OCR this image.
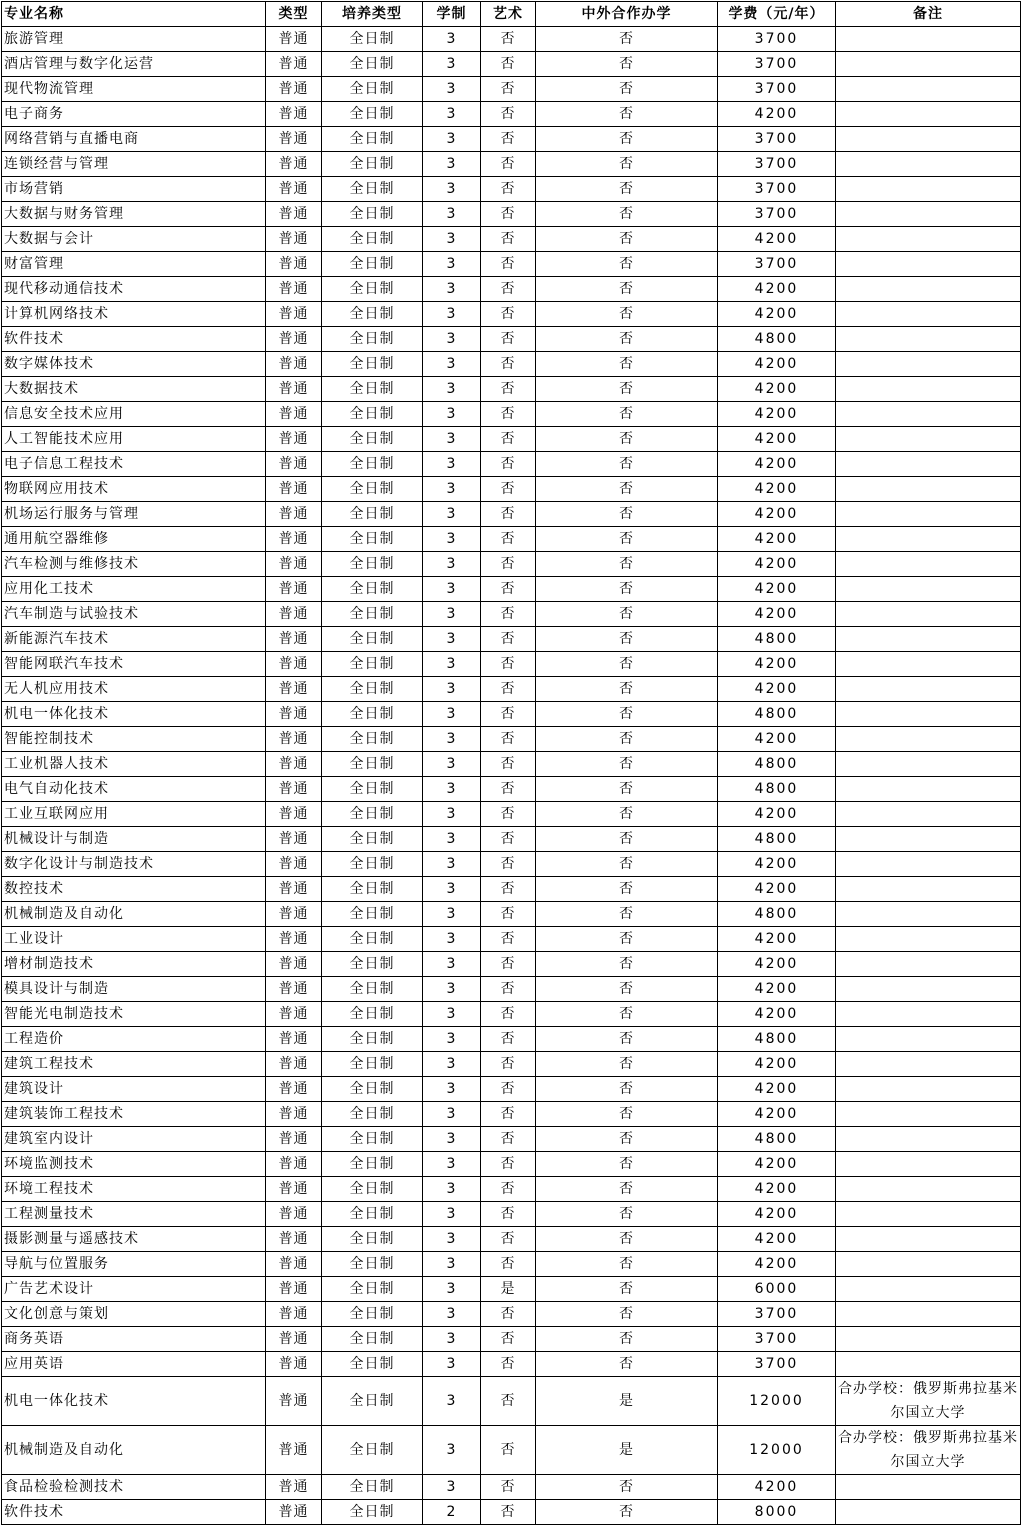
专业名称	类型	培养类型	学制	艺术	中外合作办学	学费（元/年）	备注
旅游管理	普通	全日制	3	否	否	3700	
酒店管理与数字化运营	普通	全日制	3	否	否	3700	
现代物流管理	普通	全日制	3	否	否	3700	
电子商务	普通	全日制	3	否	否	4200	
网络营销与直播电商	普通	全日制	3	否	否	3700	
连锁经营与管理	普通	全日制	3	否	否	3700	
市场营销	普通	全日制	3	否	否	3700	
大数据与财务管理	普通	全日制	3	否	否	3700	
大数据与会计	普通	全日制	3	否	否	4200	
财富管理	普通	全日制	3	否	否	3700	
现代移动通信技术	普通	全日制	3	否	否	4200	
计算机网络技术	普通	全日制	3	否	否	4200	
软件技术	普通	全日制	3	否	否	4800	
数字媒体技术	普通	全日制	3	否	否	4200	
大数据技术	普通	全日制	3	否	否	4200	
信息安全技术应用	普通	全日制	3	否	否	4200	
人工智能技术应用	普通	全日制	3	否	否	4200	
电子信息工程技术	普通	全日制	3	否	否	4200	
物联网应用技术	普通	全日制	3	否	否	4200	
机场运行服务与管理	普通	全日制	3	否	否	4200	
通用航空器维修	普通	全日制	3	否	否	4200	
汽车检测与维修技术	普通	全日制	3	否	否	4200	
应用化工技术	普通	全日制	3	否	否	4200	
汽车制造与试验技术	普通	全日制	3	否	否	4200	
新能源汽车技术	普通	全日制	3	否	否	4800	
智能网联汽车技术	普通	全日制	3	否	否	4200	
无人机应用技术	普通	全日制	3	否	否	4200	
机电一体化技术	普通	全日制	3	否	否	4800	
智能控制技术	普通	全日制	3	否	否	4200	
工业机器人技术	普通	全日制	3	否	否	4800	
电气自动化技术	普通	全日制	3	否	否	4800	
工业互联网应用	普通	全日制	3	否	否	4200	
机械设计与制造	普通	全日制	3	否	否	4800	
数字化设计与制造技术	普通	全日制	3	否	否	4200	
数控技术	普通	全日制	3	否	否	4200	
机械制造及自动化	普通	全日制	3	否	否	4800	
工业设计	普通	全日制	3	否	否	4200	
增材制造技术	普通	全日制	3	否	否	4200	
模具设计与制造	普通	全日制	3	否	否	4200	
智能光电制造技术	普通	全日制	3	否	否	4200	
工程造价	普通	全日制	3	否	否	4800	
建筑工程技术	普通	全日制	3	否	否	4200	
建筑设计	普通	全日制	3	否	否	4200	
建筑装饰工程技术	普通	全日制	3	否	否	4200	
建筑室内设计	普通	全日制	3	否	否	4800	
环境监测技术	普通	全日制	3	否	否	4200	
环境工程技术	普通	全日制	3	否	否	4200	
工程测量技术	普通	全日制	3	否	否	4200	
摄影测量与遥感技术	普通	全日制	3	否	否	4200	
导航与位置服务	普通	全日制	3	否	否	4200	
广告艺术设计	普通	全日制	3	是	否	6000	
文化创意与策划	普通	全日制	3	否	否	3700	
商务英语	普通	全日制	3	否	否	3700	
应用英语	普通	全日制	3	否	否	3700	
机电一体化技术	普通	全日制	3	否	是	12000	合办学校：俄罗斯弗拉基米尔国立大学
机械制造及自动化	普通	全日制	3	否	是	12000	合办学校：俄罗斯弗拉基米尔国立大学
食品检验检测技术	普通	全日制	3	否	否	4200	
软件技术	普通	全日制	2	否	否	8000	
